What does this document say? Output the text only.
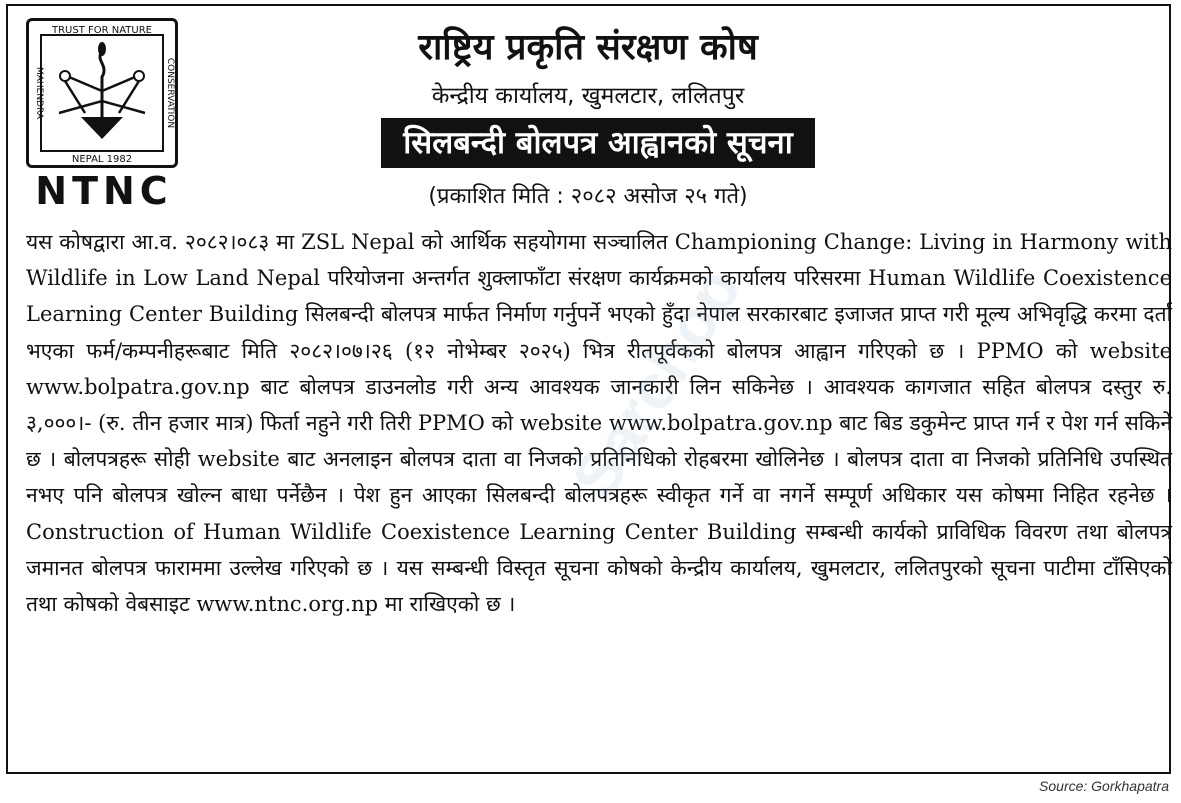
TRUST FOR NATURE
NEPAL 1982
MAHENDRA	CONSERVATION
NTNC
राष्ट्रिय प्रकृति संरक्षण कोष
केन्द्रीय कार्यालय, खुमलटार, ललितपुर
सिलबन्दी बोलपत्र आह्वानको सूचना
(प्रकाशित मिति : २०८२ असोज २५ गते)

यस कोषद्वारा आ.व. २०८२।०८३ मा ZSL Nepal को आर्थिक सहयोगमा सञ्चालित Championing Change: Living in Harmony with Wildlife in Low Land Nepal परियोजना अन्तर्गत शुक्लाफाँटा संरक्षण कार्यक्रमको कार्यालय परिसरमा Human Wildlife Coexistence Learning Center Building सिलबन्दी बोलपत्र मार्फत निर्माण गर्नुपर्ने भएको हुँदा नेपाल सरकारबाट इजाजत प्राप्त गरी मूल्य अभिवृद्धि करमा दर्ता भएका फर्म/कम्पनीहरूबाट मिति २०८२।०७।२६ (१२ नोभेम्बर २०२५) भित्र रीतपूर्वकको बोलपत्र आह्वान गरिएको छ । PPMO को website www.bolpatra.gov.np बाट बोलपत्र डाउनलोड गरी अन्य आवश्यक जानकारी लिन सकिनेछ । आवश्यक कागजात सहित बोलपत्र दस्तुर रु. ३,०००।- (रु. तीन हजार मात्र) फिर्ता नहुने गरी तिरी PPMO को website www.bolpatra.gov.np बाट बिड डकुमेन्ट प्राप्त गर्न र पेश गर्न सकिने छ । बोलपत्रहरू सोही website बाट अनलाइन बोलपत्र दाता वा निजको प्रतिनिधिको रोहबरमा खोलिनेछ । बोलपत्र दाता वा निजको प्रतिनिधि उपस्थित नभए पनि बोलपत्र खोल्न बाधा पर्नेछैन । पेश हुन आएका सिलबन्दी बोलपत्रहरू स्वीकृत गर्ने वा नगर्ने सम्पूर्ण अधिकार यस कोषमा निहित रहनेछ । Construction of Human Wildlife Coexistence Learning Center Building सम्बन्धी कार्यको प्राविधिक विवरण तथा बोलपत्र जमानत बोलपत्र फाराममा उल्लेख गरिएको छ । यस सम्बन्धी विस्तृत सूचना कोषको केन्द्रीय कार्यालय, खुमलटार, ललितपुरको सूचना पाटीमा टाँसिएको तथा कोषको वेबसाइट www.ntnc.org.np मा राखिएको छ ।

Sarchop
Source: Gorkhapatra
